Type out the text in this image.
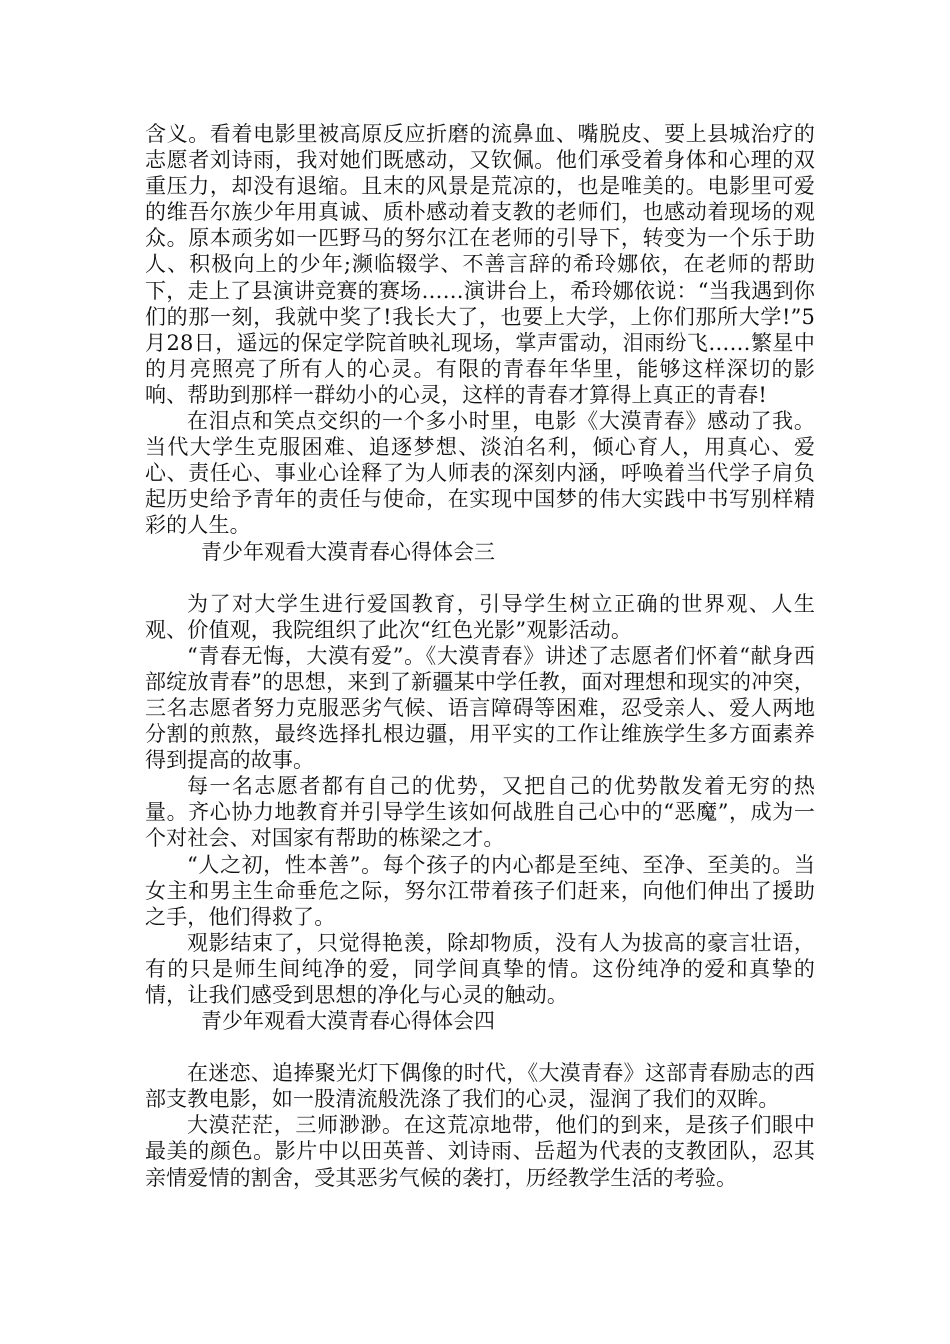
含义。看着电影里被高原反应折磨的流鼻血、嘴脱皮、要上县城治疗的志愿者刘诗雨，我对她们既感动，又钦佩。他们承受着身体和心理的双重压力，却没有退缩。且末的风景是荒凉的，也是唯美的。电影里可爱的维吾尔族少年用真诚、质朴感动着支教的老师们，也感动着现场的观众。原本顽劣如一匹野马的努尔江在老师的引导下，转变为一个乐于助人、积极向上的少年;濒临辍学、不善言辞的希玲娜依，在老师的帮助下，走上了县演讲竞赛的赛场……演讲台上，希玲娜依说：“当我遇到你们的那一刻，我就中奖了!我长大了，也要上大学，上你们那所大学!”5月28日，遥远的保定学院首映礼现场，掌声雷动，泪雨纷飞……繁星中的月亮照亮了所有人的心灵。有限的青春年华里，能够这样深切的影响、帮助到那样一群幼小的心灵，这样的青春才算得上真正的青春!

在泪点和笑点交织的一个多小时里，电影《大漠青春》感动了我。当代大学生克服困难、追逐梦想、淡泊名利，倾心育人，用真心、爱心、责任心、事业心诠释了为人师表的深刻内涵，呼唤着当代学子肩负起历史给予青年的责任与使命，在实现中国梦的伟大实践中书写别样精彩的人生。

青少年观看大漠青春心得体会三

为了对大学生进行爱国教育，引导学生树立正确的世界观、人生观、价值观，我院组织了此次“红色光影”观影活动。

“青春无悔，大漠有爱”。《大漠青春》讲述了志愿者们怀着“献身西部绽放青春”的思想，来到了新疆某中学任教，面对理想和现实的冲突，三名志愿者努力克服恶劣气候、语言障碍等困难，忍受亲人、爱人两地分割的煎熬，最终选择扎根边疆，用平实的工作让维族学生多方面素养得到提高的故事。

每一名志愿者都有自己的优势，又把自己的优势散发着无穷的热量。齐心协力地教育并引导学生该如何战胜自己心中的“恶魔”，成为一个对社会、对国家有帮助的栋梁之才。

“人之初，性本善”。每个孩子的内心都是至纯、至净、至美的。当女主和男主生命垂危之际，努尔江带着孩子们赶来，向他们伸出了援助之手，他们得救了。

观影结束了，只觉得艳羡，除却物质，没有人为拔高的豪言壮语，有的只是师生间纯净的爱，同学间真挚的情。这份纯净的爱和真挚的情，让我们感受到思想的净化与心灵的触动。

青少年观看大漠青春心得体会四

在迷恋、追捧聚光灯下偶像的时代，《大漠青春》这部青春励志的西部支教电影，如一股清流般洗涤了我们的心灵，湿润了我们的双眸。

大漠茫茫，三师渺渺。在这荒凉地带，他们的到来，是孩子们眼中最美的颜色。影片中以田英普、刘诗雨、岳超为代表的支教团队，忍其亲情爱情的割舍，受其恶劣气候的袭打，历经教学生活的考验。
